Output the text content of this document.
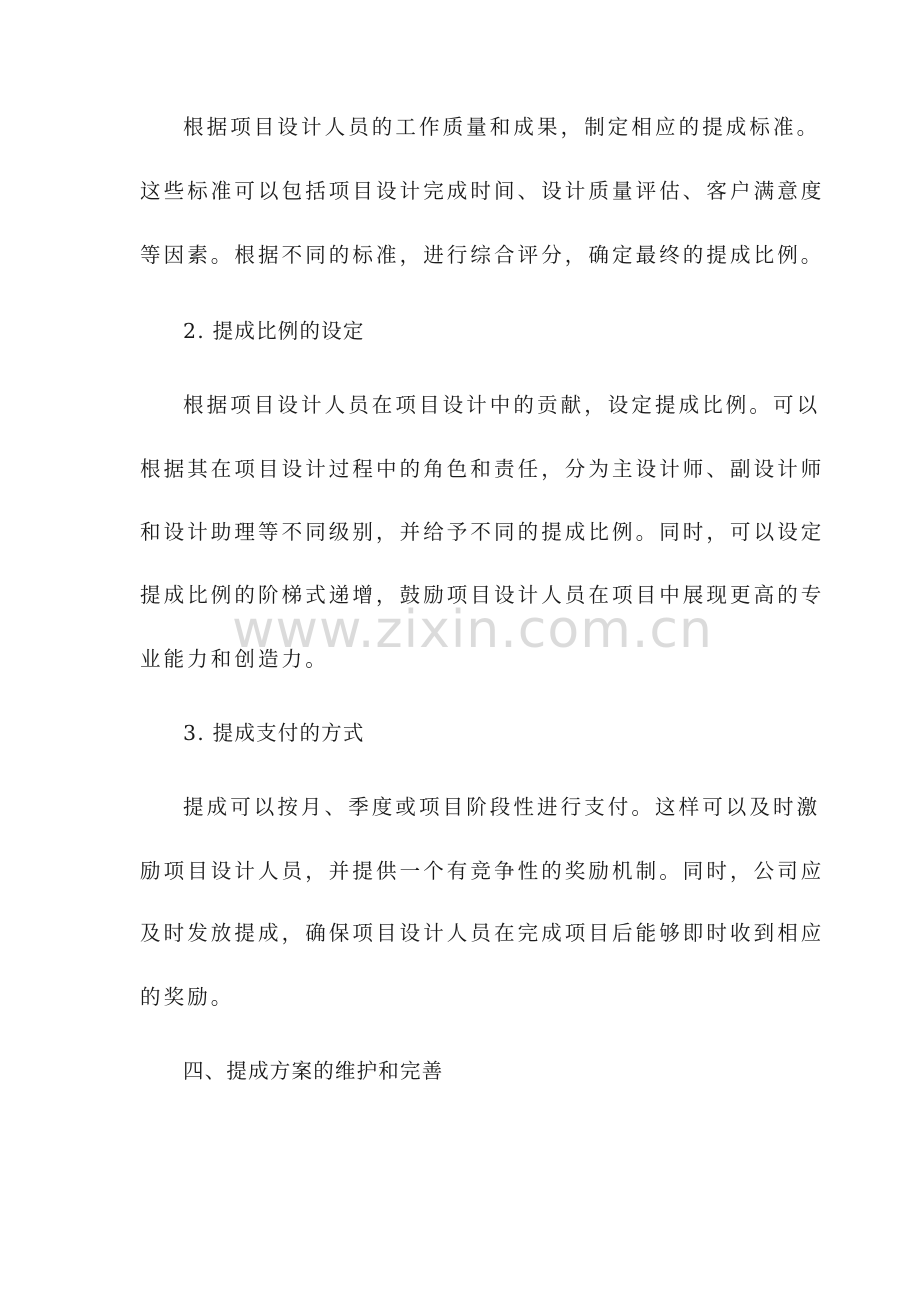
根据项目设计人员的工作质量和成果，制定相应的提成标准。
这些标准可以包括项目设计完成时间、设计质量评估、客户满意度
等因素。根据不同的标准，进行综合评分，确定最终的提成比例。
2. 提成比例的设定
根据项目设计人员在项目设计中的贡献，设定提成比例。可以
根据其在项目设计过程中的角色和责任，分为主设计师、副设计师
和设计助理等不同级别，并给予不同的提成比例。同时，可以设定
提成比例的阶梯式递增，鼓励项目设计人员在项目中展现更高的专
业能力和创造力。
3. 提成支付的方式
提成可以按月、季度或项目阶段性进行支付。这样可以及时激
励项目设计人员，并提供一个有竞争性的奖励机制。同时，公司应
及时发放提成，确保项目设计人员在完成项目后能够即时收到相应
的奖励。
四、提成方案的维护和完善
www.zixin.com.cn
